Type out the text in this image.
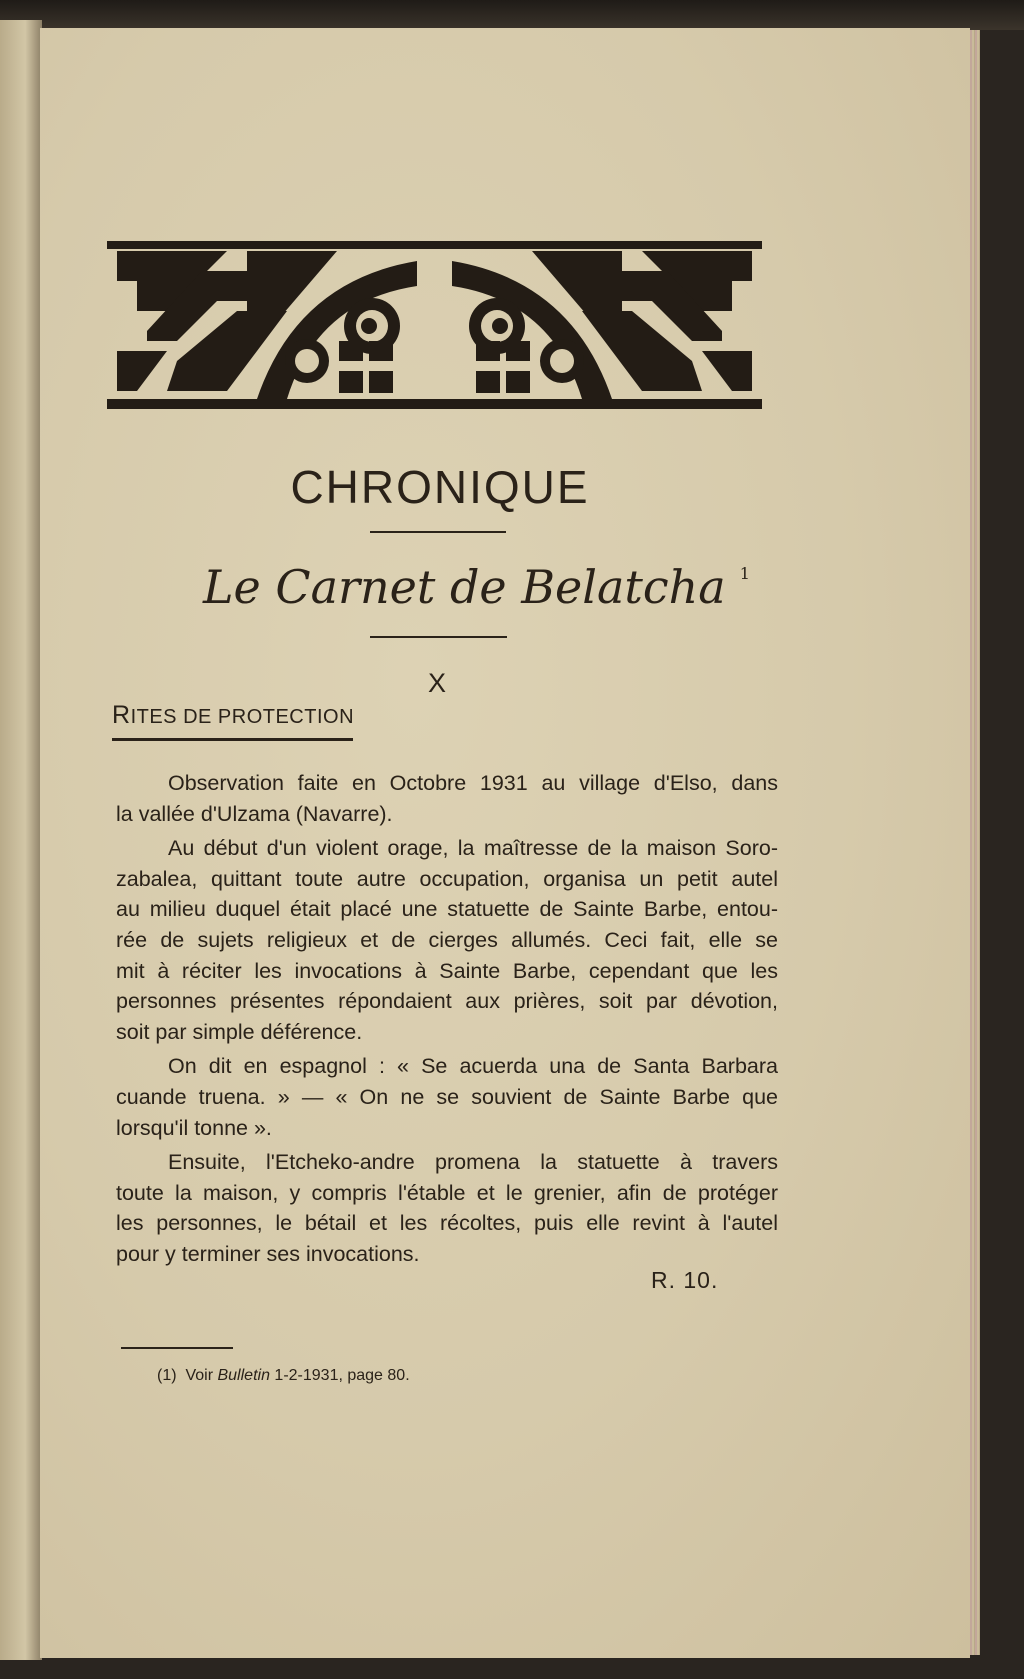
CHRONIQUE
Le Carnet de Belatcha $^1$
X
RITES DE PROTECTION
Observation faite en Octobre 1931 au village d'Elso, dans
la vallée d'Ulzama (Navarre).
Au début d'un violent orage, la maîtresse de la maison Soro-
zabalea, quittant toute autre occupation, organisa un petit autel
au milieu duquel était placé une statuette de Sainte Barbe, entou-
rée de sujets religieux et de cierges allumés. Ceci fait, elle se
mit à réciter les invocations à Sainte Barbe, cependant que les
personnes présentes répondaient aux prières, soit par dévotion,
soit par simple déférence.
On dit en espagnol : « Se acuerda una de Santa Barbara
cuande truena. » — « On ne se souvient de Sainte Barbe que
lorsqu'il tonne ».
Ensuite, l'Etcheko-andre promena la statuette à travers
toute la maison, y compris l'étable et le grenier, afin de protéger
les personnes, le bétail et les récoltes, puis elle revint à l'autel
pour y terminer ses invocations.
R. 10.
(1) Voir Bulletin 1-2-1931, page 80.
